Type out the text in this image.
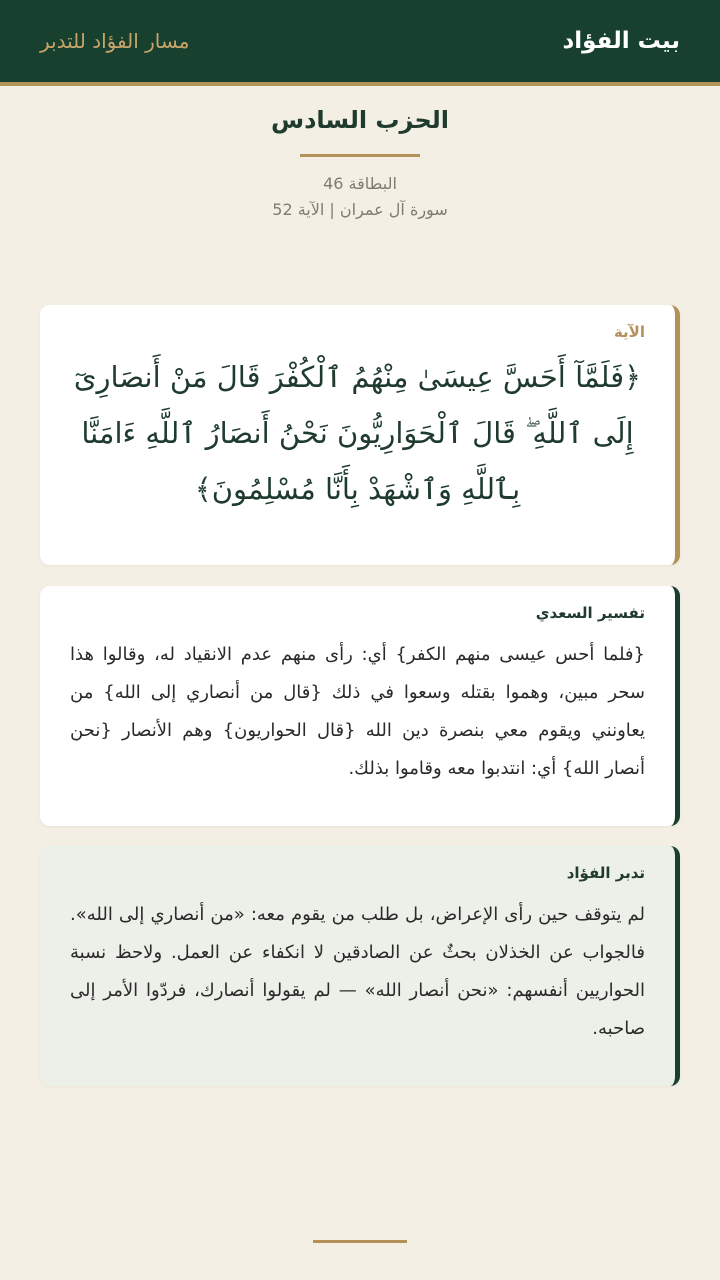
بيت الفؤاد
مسار الفؤاد للتدبر
الحزب السادس
البطاقة 46
سورة آل عمران | الآية 52
الآية
﴿فَلَمَّآ أَحَسَّ عِيسَىٰ مِنْهُمُ ٱلْكُفْرَ قَالَ مَنْ أَنصَارِىٓ إِلَى ٱللَّهِ ۖ قَالَ ٱلْحَوَارِيُّونَ نَحْنُ أَنصَارُ ٱللَّهِ ءَامَنَّا بِٱللَّهِ وَٱشْهَدْ بِأَنَّا مُسْلِمُونَ﴾
تفسير السعدي
{فلما أحس عيسى منهم الكفر} أي: رأى منهم عدم الانقياد له، وقالوا هذا سحر مبين، وهموا بقتله وسعوا في ذلك {قال من أنصاري إلى الله} من يعاونني ويقوم معي بنصرة دين الله {قال الحواريون} وهم الأنصار {نحن أنصار الله} أي: انتدبوا معه وقاموا بذلك.
تدبر الفؤاد
لم يتوقف حين رأى الإعراض، بل طلب من يقوم معه: «من أنصاري إلى الله». فالجواب عن الخذلان بحثٌ عن الصادقين لا انكفاء عن العمل. ولاحظ نسبة الحواريين أنفسهم: «نحن أنصار الله» — لم يقولوا أنصارك، فردّوا الأمر إلى صاحبه.
